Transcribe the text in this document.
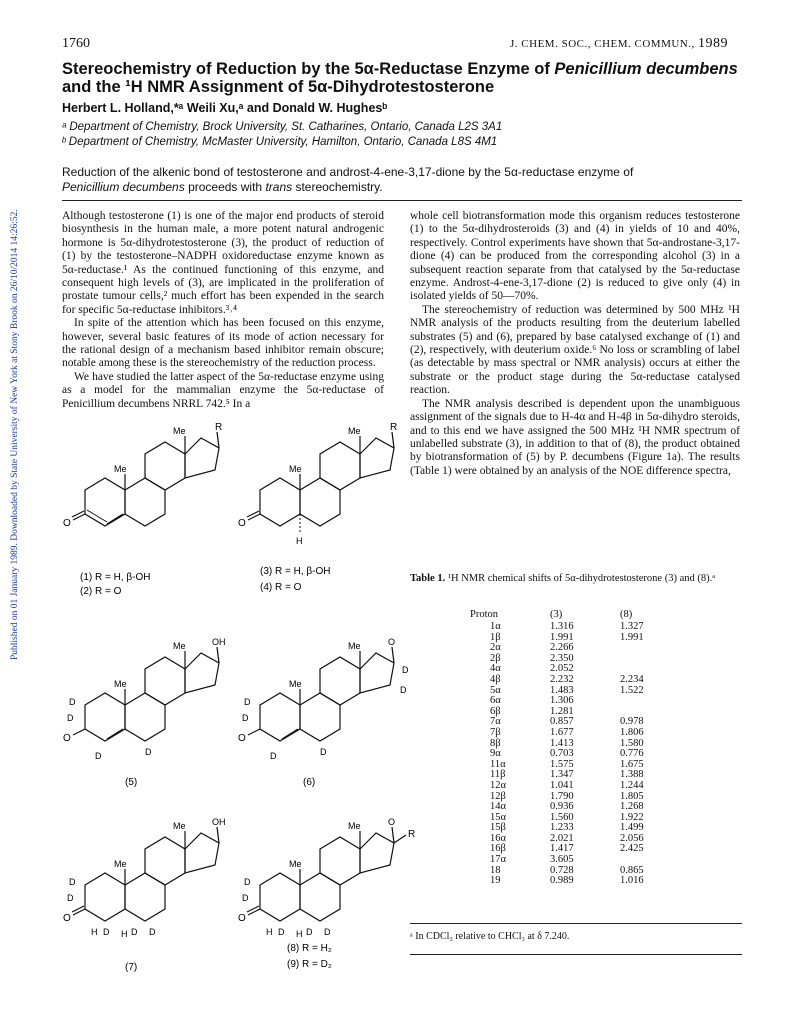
Published on 01 January 1989. Downloaded by State University of New York at Stony Brook on 26/10/2014 14:26:52.
1760	J. CHEM. SOC., CHEM. COMMUN., 1989
Stereochemistry of Reduction by the 5α-Reductase Enzyme of Penicillium decumbens
and the ¹H NMR Assignment of 5α-Dihydrotestosterone
Herbert L. Holland,*ᵃ Weili Xu,ᵃ and Donald W. Hughesᵇ
ᵃ Department of Chemistry, Brock University, St. Catharines, Ontario, Canada L2S 3A1
ᵇ Department of Chemistry, McMaster University, Hamilton, Ontario, Canada L8S 4M1
Reduction of the alkenic bond of testosterone and androst-4-ene-3,17-dione by the 5α-reductase enzyme of
Penicillium decumbens proceeds with trans stereochemistry.

Although testosterone (1) is one of the major end products of steroid biosynthesis in the human male, a more potent natural androgenic hormone is 5α-dihydrotestosterone (3), the product of reduction of (1) by the testosterone–NADPH oxidoreductase enzyme known as 5α-reductase.¹ As the continued functioning of this enzyme, and consequent high levels of (3), are implicated in the proliferation of prostate tumour cells,² much effort has been expended in the search for specific 5α-reductase inhibitors.³˒⁴

In spite of the attention which has been focused on this enzyme, however, several basic features of its mode of action necessary for the rational design of a mechanism based inhibitor remain obscure; notable among these is the stereochemistry of the reduction process.

We have studied the latter aspect of the 5α-reductase enzyme using as a model for the mammalian enzyme the 5α-reductase of Penicillium decumbens NRRL 742.⁵ In a

whole cell biotransformation mode this organism reduces testosterone (1) to the 5α-dihydrosteroids (3) and (4) in yields of 10 and 40%, respectively. Control experiments have shown that 5α-androstane-3,17-dione (4) can be produced from the corresponding alcohol (3) in a subsequent reaction separate from that catalysed by the 5α-reductase enzyme. Androst-4-ene-3,17-dione (2) is reduced to give only (4) in isolated yields of 50—70%.

The stereochemistry of reduction was determined by 500 MHz ¹H NMR analysis of the products resulting from the deuterium labelled substrates (5) and (6), prepared by base catalysed exchange of (1) and (2), respectively, with deuterium oxide.⁶ No loss or scrambling of label (as detectable by mass spectral or NMR analysis) occurs at either the substrate or the product stage during the 5α-reductase catalysed reaction.

The NMR analysis described is dependent upon the unambiguous assignment of the signals due to H-4α and H-4β in 5α-dihydro steroids, and to this end we have assigned the 500 MHz ¹H NMR spectrum of unlabelled substrate (3), in addition to that of (8), the product obtained by biotransformation of (5) by P. decumbens (Figure 1a). The results (Table 1) were obtained by an analysis of the NOE difference spectra,

O
Me
Me	R
(1) R = H, β-OH
(2) R = O
O
H
Me
Me	R
(3) R = H, β-OH
(4) R = O
O
Me
Me	OH
D
D
D	D
(5)
O
Me
Me	O
D
D
D
D
D	D
(6)
O
Me
Me	OH
D
D
H D H D D
(7)
O
Me
Me	O
R
D
D
H D H D D
(8) R = H₂
(9) R = D₂
Table 1. ¹H NMR chemical shifts of 5α-dihydrotestosterone (3) and (8).ᵃ
Proton	(3)	(8)
1α	1.316	1.327
1β	1.991	1.991
2α	2.266	
2β	2.350	
4α	2.052	
4β	2.232	2.234
5α	1.483	1.522
6α	1.306	
6β	1.281	
7α	0.857	0.978
7β	1.677	1.806
8β	1.413	1.580
9α	0.703	0.776
11α	1.575	1.675
11β	1.347	1.388
12α	1.041	1.244
12β	1.790	1.805
14α	0.936	1.268
15α	1.560	1.922
15β	1.233	1.499
16α	2.021	2.056
16β	1.417	2.425
17α	3.605	
18	0.728	0.865
19	0.989	1.016
ᵃ In CDCl₃ relative to CHCl₃ at δ 7.240.
